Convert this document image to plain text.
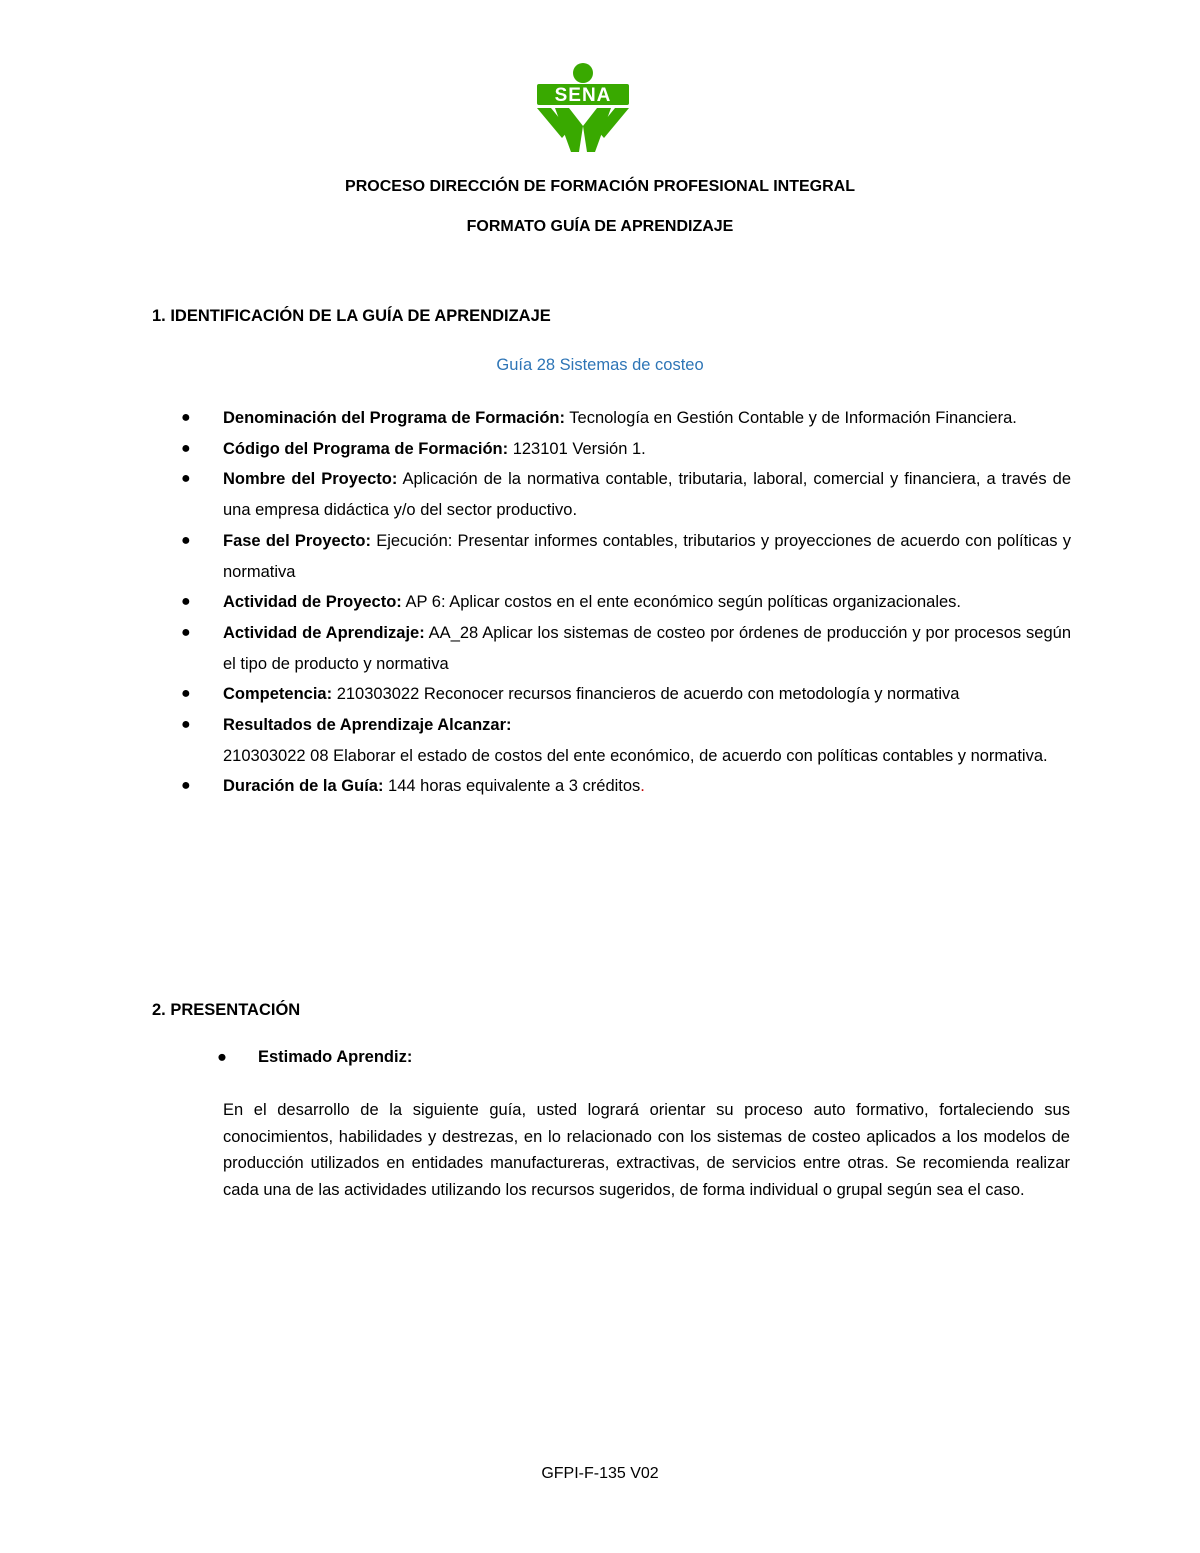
SENA
PROCESO DIRECCIÓN DE FORMACIÓN PROFESIONAL INTEGRAL
FORMATO GUÍA DE APRENDIZAJE
1. IDENTIFICACIÓN DE LA GUÍA DE APRENDIZAJE
Guía 28 Sistemas de costeo
● Denominación del Programa de Formación: Tecnología en Gestión Contable y de Información Financiera.
● Código del Programa de Formación: 123101 Versión 1.
● Nombre del Proyecto: Aplicación de la normativa contable, tributaria, laboral, comercial y financiera, a través de una empresa didáctica y/o del sector productivo.
● Fase del Proyecto: Ejecución: Presentar informes contables, tributarios y proyecciones de acuerdo con políticas y normativa
● Actividad de Proyecto: AP 6: Aplicar costos en el ente económico según políticas organizacionales.
● Actividad de Aprendizaje: AA_28 Aplicar los sistemas de costeo por órdenes de producción y por procesos según el tipo de producto y normativa
● Competencia: 210303022 Reconocer recursos financieros de acuerdo con metodología y normativa
● Resultados de Aprendizaje Alcanzar:
210303022 08 Elaborar el estado de costos del ente económico, de acuerdo con políticas contables y normativa.
● Duración de la Guía: 144 horas equivalente a 3 créditos.
2. PRESENTACIÓN
● Estimado Aprendiz:
En el desarrollo de la siguiente guía, usted logrará orientar su proceso auto formativo, fortaleciendo sus conocimientos, habilidades y destrezas, en lo relacionado con los sistemas de costeo aplicados a los modelos de producción utilizados en entidades manufactureras, extractivas, de servicios entre otras. Se recomienda realizar cada una de las actividades utilizando los recursos sugeridos, de forma individual o grupal según sea el caso.
GFPI-F-135 V02
